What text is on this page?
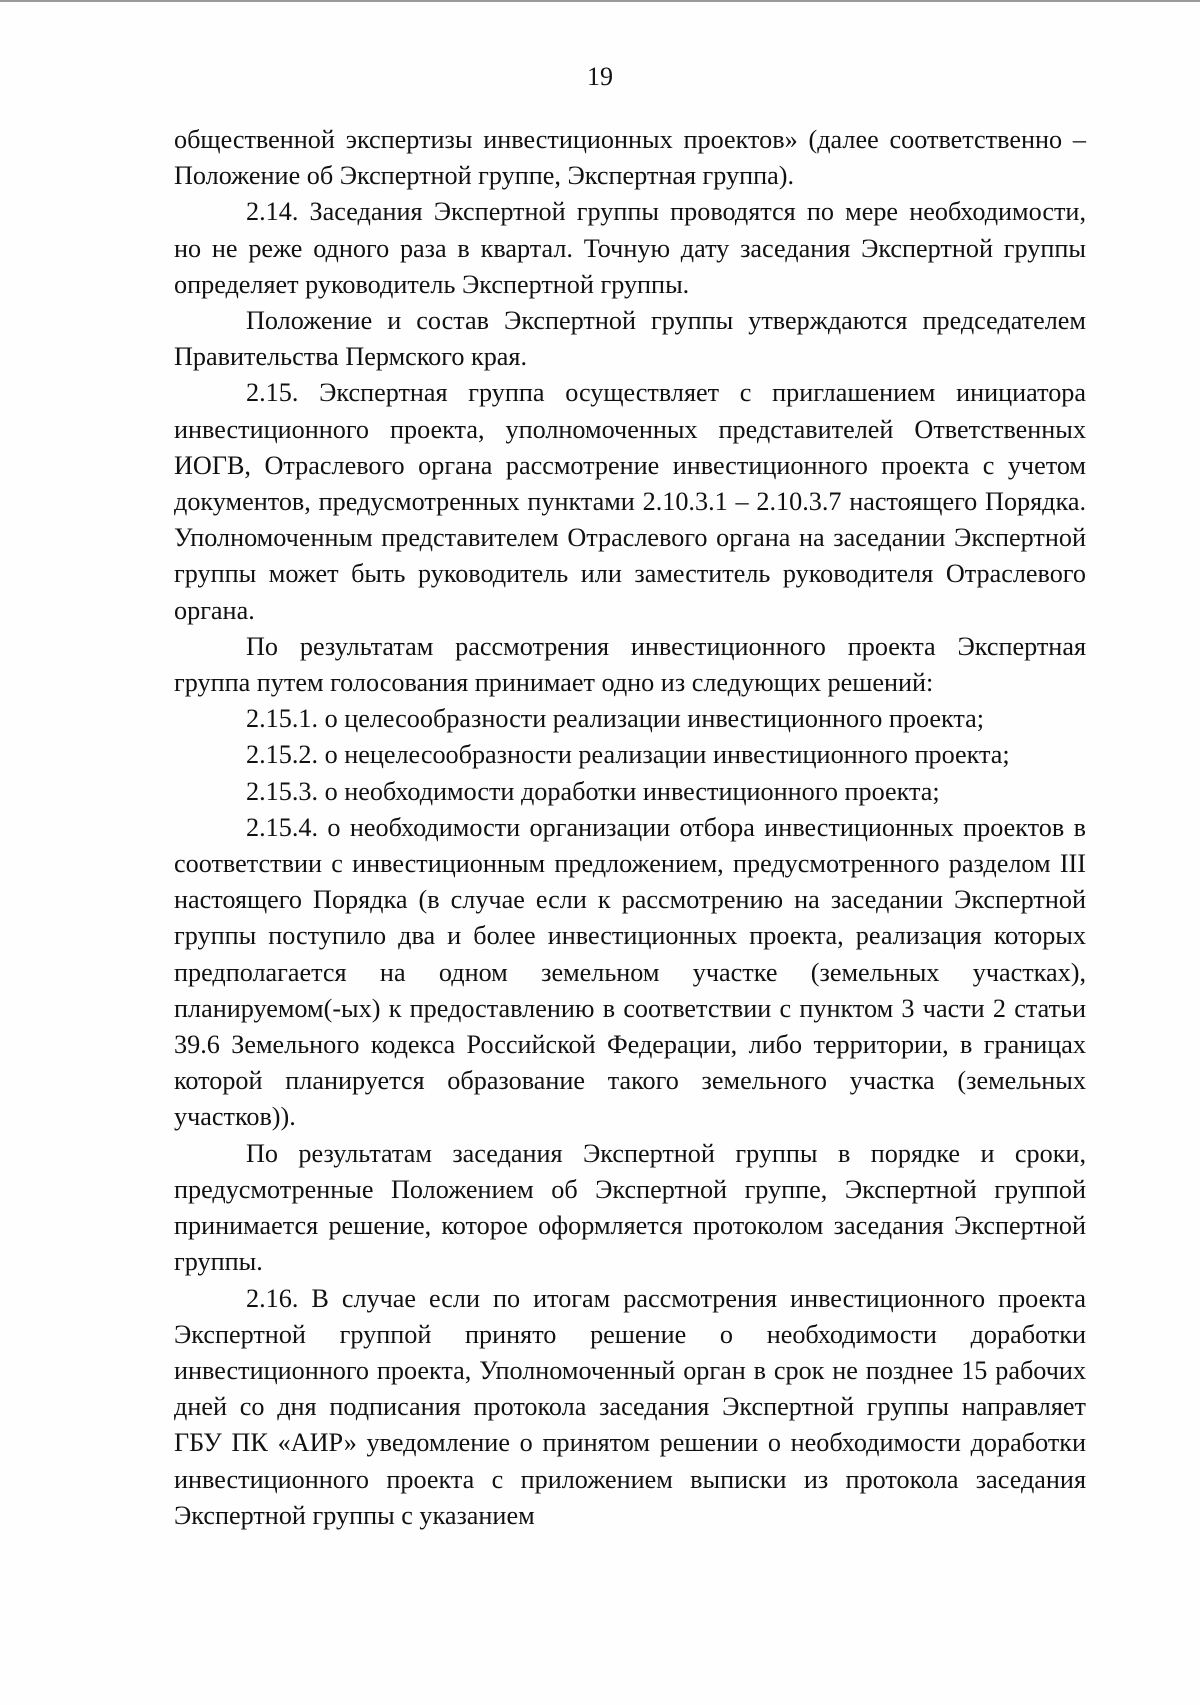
19

общественной экспертизы инвестиционных проектов» (далее соответственно – Положение об Экспертной группе, Экспертная группа).

2.14. Заседания Экспертной группы проводятся по мере необходимости, но не реже одного раза в квартал. Точную дату заседания Экспертной группы определяет руководитель Экспертной группы.

Положение и состав Экспертной группы утверждаются председателем Правительства Пермского края.

2.15. Экспертная группа осуществляет с приглашением инициатора инвестиционного проекта, уполномоченных представителей Ответственных ИОГВ, Отраслевого органа рассмотрение инвестиционного проекта с учетом документов, предусмотренных пунктами 2.10.3.1 – 2.10.3.7 настоящего Порядка. Уполномоченным представителем Отраслевого органа на заседании Экспертной группы может быть руководитель или заместитель руководителя Отраслевого органа.

По результатам рассмотрения инвестиционного проекта Экспертная группа путем голосования принимает одно из следующих решений:

2.15.1. о целесообразности реализации инвестиционного проекта;

2.15.2. о нецелесообразности реализации инвестиционного проекта;

2.15.3. о необходимости доработки инвестиционного проекта;

2.15.4. о необходимости организации отбора инвестиционных проектов в соответствии с инвестиционным предложением, предусмотренного разделом III настоящего Порядка (в случае если к рассмотрению на заседании Экспертной группы поступило два и более инвестиционных проекта, реализация которых предполагается на одном земельном участке (земельных участках), планируемом(-ых) к предоставлению в соответствии с пунктом 3 части 2 статьи 39.6 Земельного кодекса Российской Федерации, либо территории, в границах которой планируется образование такого земельного участка (земельных участков)).

По результатам заседания Экспертной группы в порядке и сроки, предусмотренные Положением об Экспертной группе, Экспертной группой принимается решение, которое оформляется протоколом заседания Экспертной группы.

2.16. В случае если по итогам рассмотрения инвестиционного проекта Экспертной группой принято решение о необходимости доработки инвестиционного проекта, Уполномоченный орган в срок не позднее 15 рабочих дней со дня подписания протокола заседания Экспертной группы направляет ГБУ ПК «АИР» уведомление о принятом решении о необходимости доработки инвестиционного проекта с приложением выписки из протокола заседания Экспертной группы с указанием
